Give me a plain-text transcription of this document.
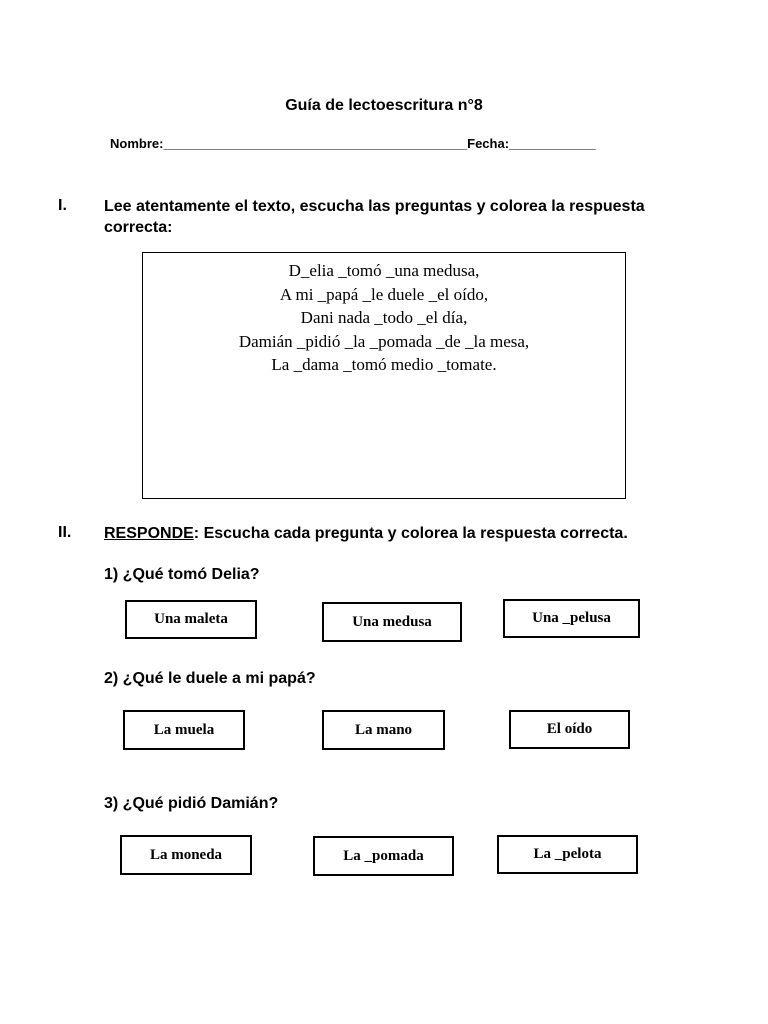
Guía de lectoescritura n°8
Nombre:__________________________________________Fecha:____________
I. Lee atentamente el texto, escucha las preguntas y colorea la respuesta correcta:
D_elia _tomó _una medusa,
A mi _papá _le duele _el oído,
Dani nada _todo _el día,
Damián _pidió _la _pomada _de _la mesa,
La _dama _tomó medio _tomate.
II. RESPONDE: Escucha cada pregunta y colorea la respuesta correcta.
1) ¿Qué tomó Delia?
Una maleta	Una medusa	Una _pelusa
2) ¿Qué le duele a mi papá?
La muela	La mano	El oído
3) ¿Qué pidió Damián?
La moneda	La _pomada	La _pelota
